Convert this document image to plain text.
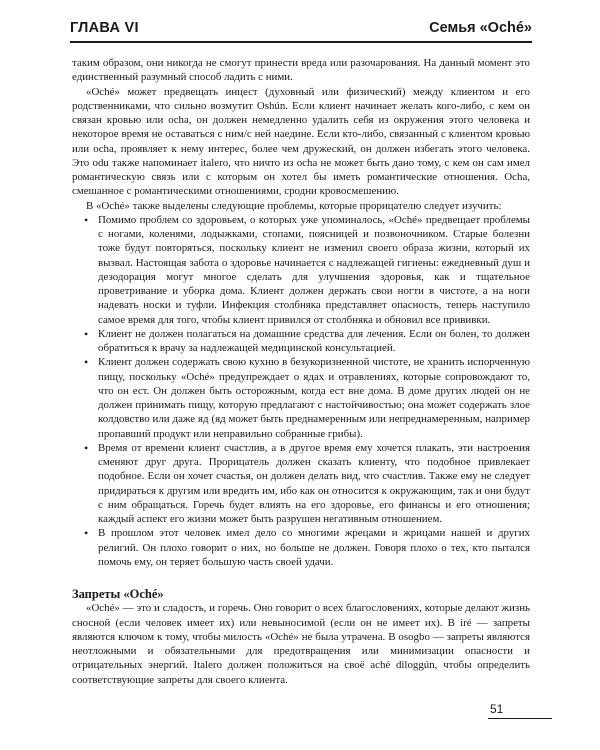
ГЛАВА VI	Семья «Oché»

таким образом, они никогда не смогут принести вреда или разочарования. На данный момент это единственный разумный способ ладить с ними.

«Oché» может предвещать инцест (духовный или физический) между клиентом и его родственниками, что сильно возмутит Oshún. Если клиент начинает желать кого-либо, с кем он связан кровью или ocha, он должен немедленно удалить себя из окружения этого человека и некоторое время не оставаться с ним/с ней наедине. Если кто-либо, связанный с клиентом кровью или ocha, проявляет к нему интерес, более чем дружеский, он должен избегать этого человека. Это odu также напоминает italero, что ничто из ocha не может быть дано тому, с кем он сам имел романтическую связь или с которым он хотел бы иметь романтические отношения. Ocha, смешанное с романтическими отношениями, сродни кровосмешению.

В «Oché» также выделены следующие проблемы, которые прорицателю следует изучить:

• Помимо проблем со здоровьем, о которых уже упоминалось, «Oché» предвещает проблемы с ногами, коленями, лодыжками, стопами, поясницей и позвоночником. Старые болезни тоже будут повторяться, поскольку клиент не изменил своего образа жизни, который их вызвал. Настоящая забота о здоровье начинается с надлежащей гигиены: ежедневный душ и дезодорация могут многое сделать для улучшения здоровья, как и тщательное проветривание и уборка дома. Клиент должен держать свои ногти в чистоте, а на ноги надевать носки и туфли. Инфекция столбняка представляет опасность, теперь наступило самое время для того, чтобы клиент привился от столбняка и обновил все прививки.
• Клиент не должен полагаться на домашние средства для лечения. Если он болен, то должен обратиться к врачу за надлежащей медицинской консультацией.
• Клиент должен содержать свою кухню в безукоризненной чистоте, не хранить испорченную пищу, поскольку «Oché» предупреждает о ядах и отравлениях, которые сопровождают то, что он ест. Он должен быть осторожным, когда ест вне дома. В доме других людей он не должен принимать пищу, которую предлагают с настойчивостью; она может содержать злое колдовство или даже яд (яд может быть преднамеренным или непреднамеренным, например пропавший продукт или неправильно собранные грибы).
• Время от времени клиент счастлив, а в другое время ему хочется плакать, эти настроения сменяют друг друга. Прорицатель должен сказать клиенту, что подобное привлекает подобное. Если он хочет счастья, он должен делать вид, что счастлив. Также ему не следует придираться к другим или вредить им, ибо как он относится к окружающим, так и они будут с ним обращаться. Горечь будет влиять на его здоровье, его финансы и его отношения; каждый аспект его жизни может быть разрушен негативным отношением.
• В прошлом этот человек имел дело со многими жрецами и жрицами нашей и других религий. Он плохо говорит о них, но больше не должен. Говоря плохо о тех, кто пытался помочь ему, он теряет большую часть своей удачи.
Запреты «Oché»

«Oché» — это и сладость, и горечь. Оно говорит о всех благословениях, которые делают жизнь сносной (если человек имеет их) или невыносимой (если он не имеет их). В iré — запреты являются ключом к тому, чтобы милость «Oché» не была утрачена. В osogbo — запреты являются неотложными и обязательными для предотвращения или минимизации опасности и отрицательных энергий. Italero должен положиться на своё aché diloggún, чтобы определить соответствующие запреты для своего клиента.

51
